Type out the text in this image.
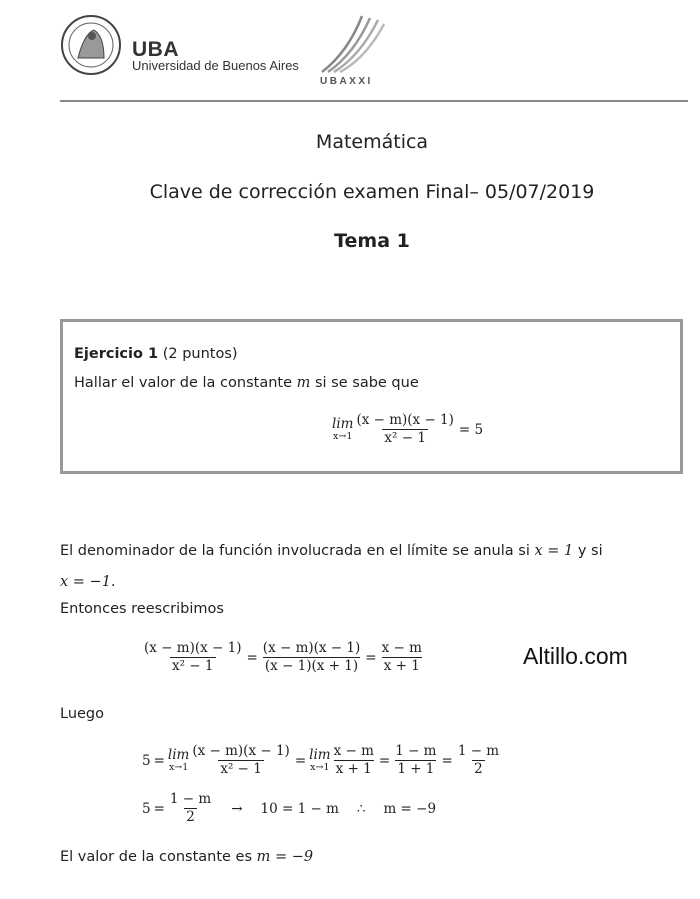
UBA
Universidad de Buenos Aires
UBAXXI
Matemática
Clave de corrección examen Final– 05/07/2019
Tema 1
Ejercicio 1 (2 puntos)
Hallar el valor de la constante m si se sabe que
lim
$x\to 1 \frac{(x - m)(x - 1)}{\text{x² − 1}} = 5$
El denominador de la función involucrada en el límite se anula si x = 1 y si
x = −1.
Entonces reescribimos
$\frac{(x - m)(x - 1)}{\text{x² − 1}} = \frac{(x - m)(x - 1)}{(x - 1)(x + 1)} = \frac{x - m}{x + 1}$	Altillo.com
Luego
5 = lim
$x\to 1 \frac{(x - m)(x - 1)}{\text{x² − 1}} = \lim$
$x\to 1 \frac{x - m}{x + 1} = \frac{1 - m}{1 + 1} = \frac{1 - m}{2}$
$5 = \frac{1 - m}{2}$	→	10 = 1 − m	∴	m = −9
El valor de la constante es m = −9
